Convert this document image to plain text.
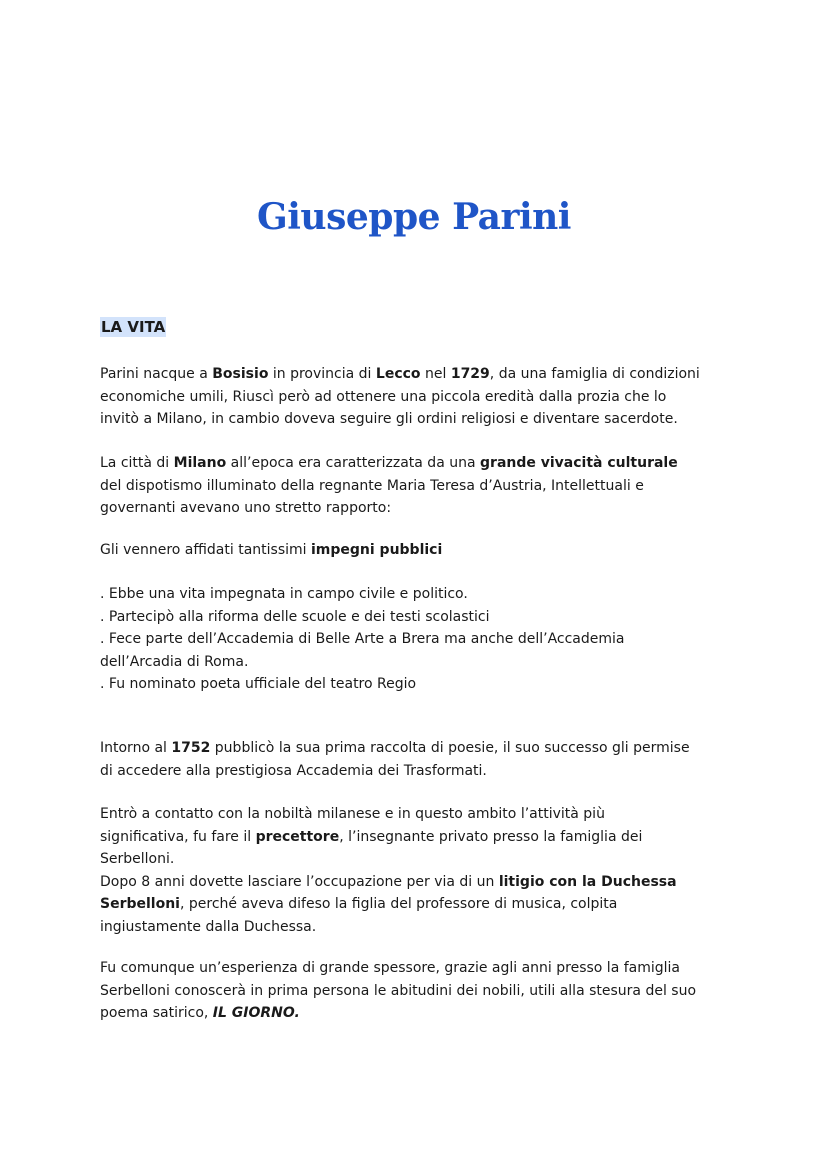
Giuseppe Parini
LA VITA

Parini nacque a Bosisio in provincia di Lecco nel 1729, da una famiglia di condizioni

economiche umili, Riuscì però ad ottenere una piccola eredità dalla prozia che lo

invitò a Milano, in cambio doveva seguire gli ordini religiosi e diventare sacerdote.

La città di Milano all’epoca era caratterizzata da una grande vivacità culturale

del dispotismo illuminato della regnante Maria Teresa d’Austria, Intellettuali e

governanti avevano uno stretto rapporto:

Gli vennero affidati tantissimi impegni pubblici

. Ebbe una vita impegnata in campo civile e politico.

. Partecipò alla riforma delle scuole e dei testi scolastici

. Fece parte dell’Accademia di Belle Arte a Brera ma anche dell’Accademia

dell’Arcadia di Roma.

. Fu nominato poeta ufficiale del teatro Regio

Intorno al 1752 pubblicò la sua prima raccolta di poesie, il suo successo gli permise

di accedere alla prestigiosa Accademia dei Trasformati.

Entrò a contatto con la nobiltà milanese e in questo ambito l’attività più

significativa, fu fare il precettore, l’insegnante privato presso la famiglia dei

Serbelloni.

Dopo 8 anni dovette lasciare l’occupazione per via di un litigio con la Duchessa

Serbelloni, perché aveva difeso la figlia del professore di musica, colpita

ingiustamente dalla Duchessa.

Fu comunque un’esperienza di grande spessore, grazie agli anni presso la famiglia

Serbelloni conoscerà in prima persona le abitudini dei nobili, utili alla stesura del suo

poema satirico, IL GIORNO.
